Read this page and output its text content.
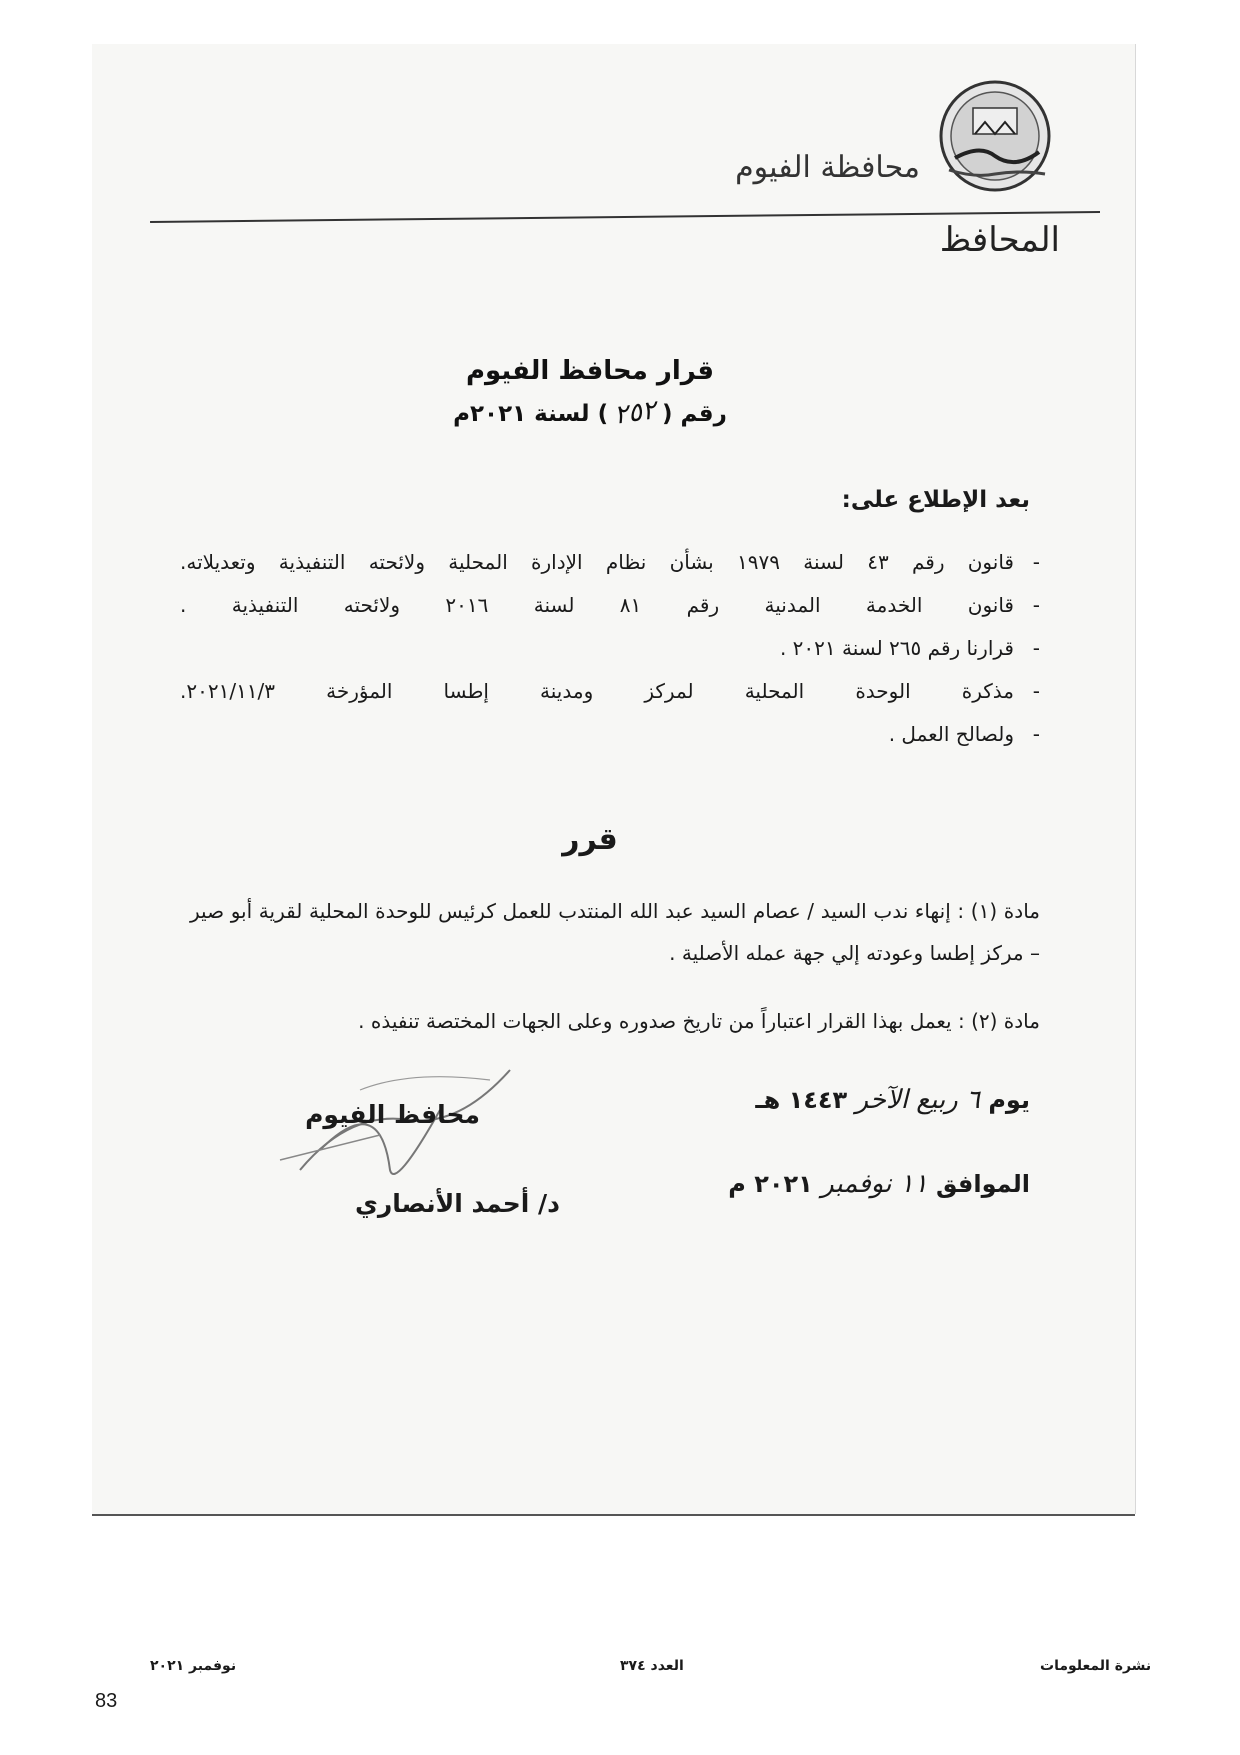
محافظة الفيوم
المحافظ
قرار محافظ الفيوم
رقم (٢٥٢) لسنة ٢٠٢١م
بعد الإطلاع على:
- قانون رقم ٤٣ لسنة ١٩٧٩ بشأن نظام الإدارة المحلية ولائحته التنفيذية وتعديلاته.
- قانون الخدمة المدنية رقم ٨١ لسنة ٢٠١٦ ولائحته التنفيذية .
- قرارنا رقم ٢٦٥ لسنة ٢٠٢١ .
- مذكرة الوحدة المحلية لمركز ومدينة إطسا المؤرخة ٢٠٢١/١١/٣.
- ولصالح العمل .
قرر
مادة (١) : إنهاء ندب السيد / عصام السيد عبد الله المنتدب للعمل كرئيس للوحدة المحلية لقرية أبو صير – مركز إطسا وعودته إلي جهة عمله الأصلية .
مادة (٢) : يعمل بهذا القرار اعتباراً من تاريخ صدوره وعلى الجهات المختصة تنفيذه .
محافظ الفيوم
د/ أحمد الأنصاري
يوم ٦ ربيع الآخر ١٤٤٣ هـ
الموافق ١١ نوفمبر ٢٠٢١ م
نشرة المعلومات
العدد ٣٧٤
نوفمبر ٢٠٢١
83
